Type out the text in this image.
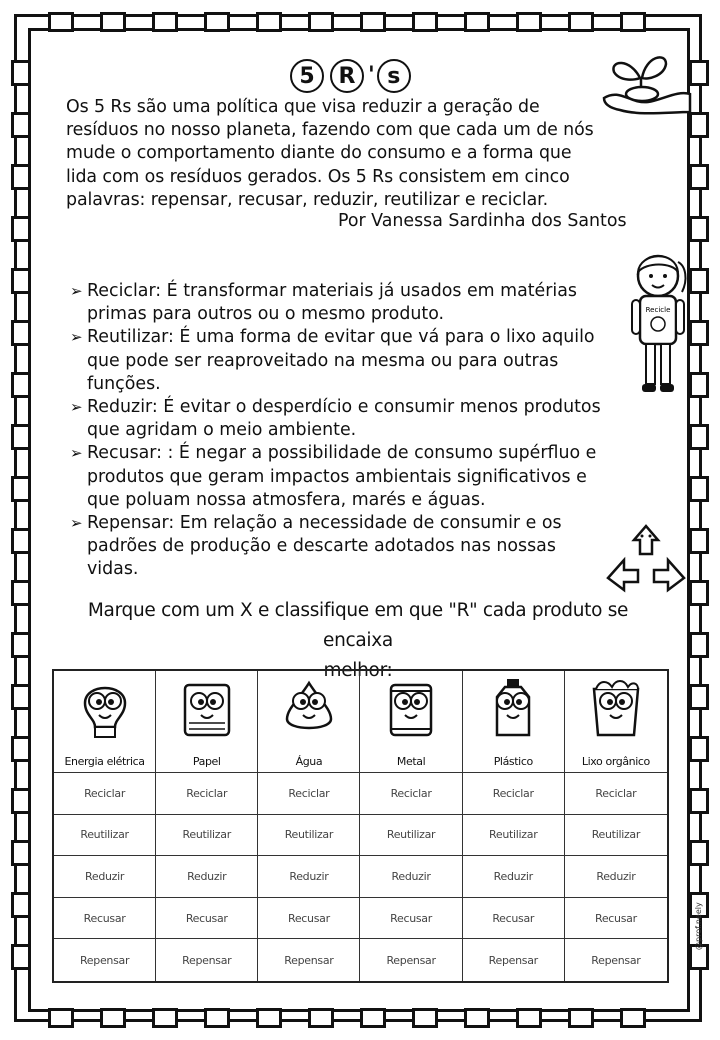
5	R ' s
Os 5 Rs são uma política que visa reduzir a geração de
resíduos no nosso planeta, fazendo com que cada um de nós
mude o comportamento diante do consumo e a forma que
lida com os resíduos gerados. Os 5 Rs consistem em cinco
palavras: repensar, recusar, reduzir, reutilizar e reciclar.
Por Vanessa Sardinha dos Santos
Recicle
➢ Reciclar: É transformar materiais já usados em matérias
primas para outros ou o mesmo produto.
➢ Reutilizar: É uma forma de evitar que vá para o lixo aquilo
que pode ser reaproveitado na mesma ou para outras
funções.
➢ Reduzir: É evitar o desperdício e consumir menos produtos
que agridam o meio ambiente.
➢ Recusar: : É negar a possibilidade de consumo supérfluo e
produtos que geram impactos ambientais significativos e
que poluam nossa atmosfera, marés e águas.
➢ Repensar: Em relação a necessidade de consumir e os
padrões de produção e descarte adotados nas nossas
vidas.
Marque com um X e classifique em que "R" cada produto se encaixa
melhor:
Energia elétrica	Papel	Água	Metal	Plástico	Lixo orgânico
Reciclar	Reciclar	Reciclar	Reciclar	Reciclar	Reciclar
Reutilizar	Reutilizar	Reutilizar	Reutilizar	Reutilizar	Reutilizar
Reduzir	Reduzir	Reduzir	Reduzir	Reduzir	Reduzir
Recusar	Recusar	Recusar	Recusar	Recusar	Recusar
Repensar	Repensar	Repensar	Repensar	Repensar	Repensar
@prof.neely
